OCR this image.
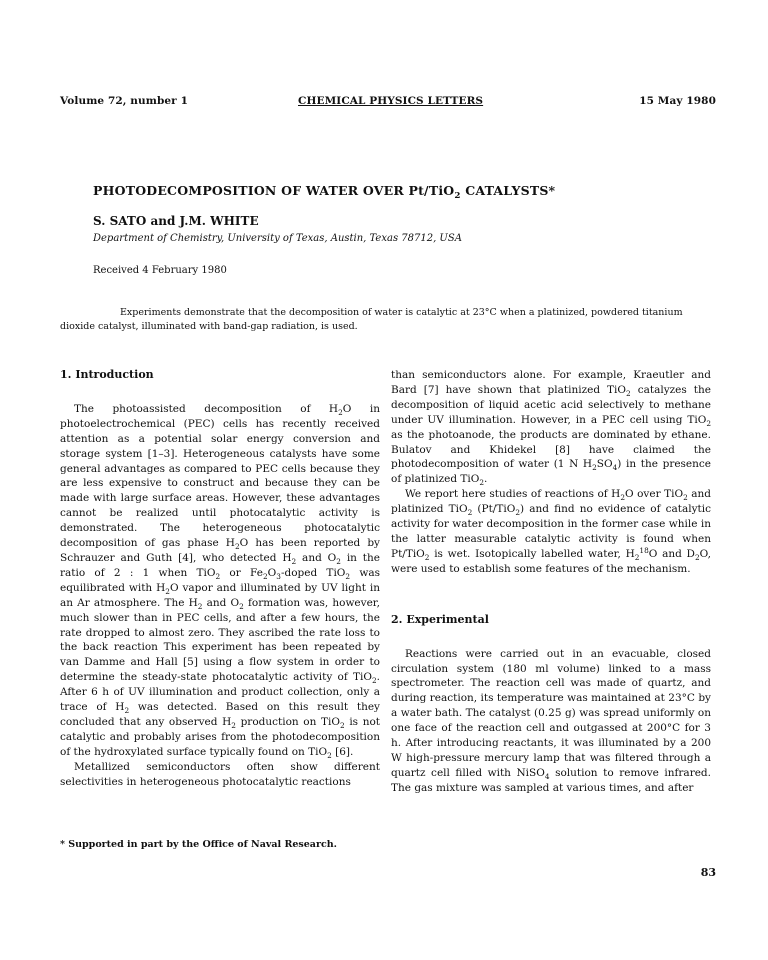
Volume 72, number 1	CHEMICAL PHYSICS LETTERS	15 May 1980
PHOTODECOMPOSITION OF WATER OVER Pt/TiO$_2$ CATALYSTS*
S. SATO and J.M. WHITE
Department of Chemistry, University of Texas, Austin, Texas 78712, USA
Received 4 February 1980
Experiments demonstrate that the decomposition of water is catalytic at 23°C when a platinized, powdered titanium dioxide catalyst, illuminated with band-gap radiation, is used.
1. Introduction

The photoassisted decomposition of $H_2O$ in photoelectrochemical (PEC) cells has recently received attention as a potential solar energy conversion and storage system [1–3]. Heterogeneous catalysts have some general advantages as compared to PEC cells because they are less expensive to construct and because they can be made with large surface areas. However, these advantages cannot be realized until photocatalytic activity is demonstrated. The heterogeneous photocatalytic decomposition of gas phase $H_2O$ has been reported by Schrauzer and Guth [4], who detected $H_2$ and $O_2$ in the ratio of 2 : 1 when TiO$_2$ or $Fe_2O_3$-doped TiO$_2$ was equilibrated with $H_2O$ vapor and illuminated by UV light in an Ar atmosphere. The $H_2$ and $O_2$ formation was, however, much slower than in PEC cells, and after a few hours, the rate dropped to almost zero. They ascribed the rate loss to the back reaction This experiment has been repeated by van Damme and Hall [5] using a flow system in order to determine the steady-state photocatalytic activity of TiO$_2$. After 6 h of UV illumination and product collection, only a trace of $H_2$ was detected. Based on this result they concluded that any observed $H_2$ production on TiO$_2$ is not catalytic and probably arises from the photodecomposition of the hydroxylated surface typically found on TiO$_2$ [6].

Metallized semiconductors often show different selectivities in heterogeneous photocatalytic reactions

than semiconductors alone. For example, Kraeutler and Bard [7] have shown that platinized TiO$_2$ catalyzes the decomposition of liquid acetic acid selectively to methane under UV illumination. However, in a PEC cell using TiO$_2$ as the photoanode, the products are dominated by ethane. Bulatov and Khidekel [8] have claimed the photodecomposition of water (1 N $H_2SO_4$) in the presence of platinized TiO$_2$.

We report here studies of reactions of $H_2O$ over TiO$_2$ and platinized TiO$_2$ (Pt/TiO$_2$) and find no evidence of catalytic activity for water decomposition in the former case while in the latter measurable catalytic activity is found when Pt/TiO$_2$ is wet. Isotopically labelled water, $H_2^{18}O$ and $D_2O$, were used to establish some features of the mechanism.

2. Experimental

Reactions were carried out in an evacuable, closed circulation system (180 ml volume) linked to a mass spectrometer. The reaction cell was made of quartz, and during reaction, its temperature was maintained at 23°C by a water bath. The catalyst (0.25 g) was spread uniformly on one face of the reaction cell and outgassed at 200°C for 3 h. After introducing reactants, it was illuminated by a 200 W high-pressure mercury lamp that was filtered through a quartz cell filled with NiSO$_4$ solution to remove infrared. The gas mixture was sampled at various times, and after

* Supported in part by the Office of Naval Research.
83
